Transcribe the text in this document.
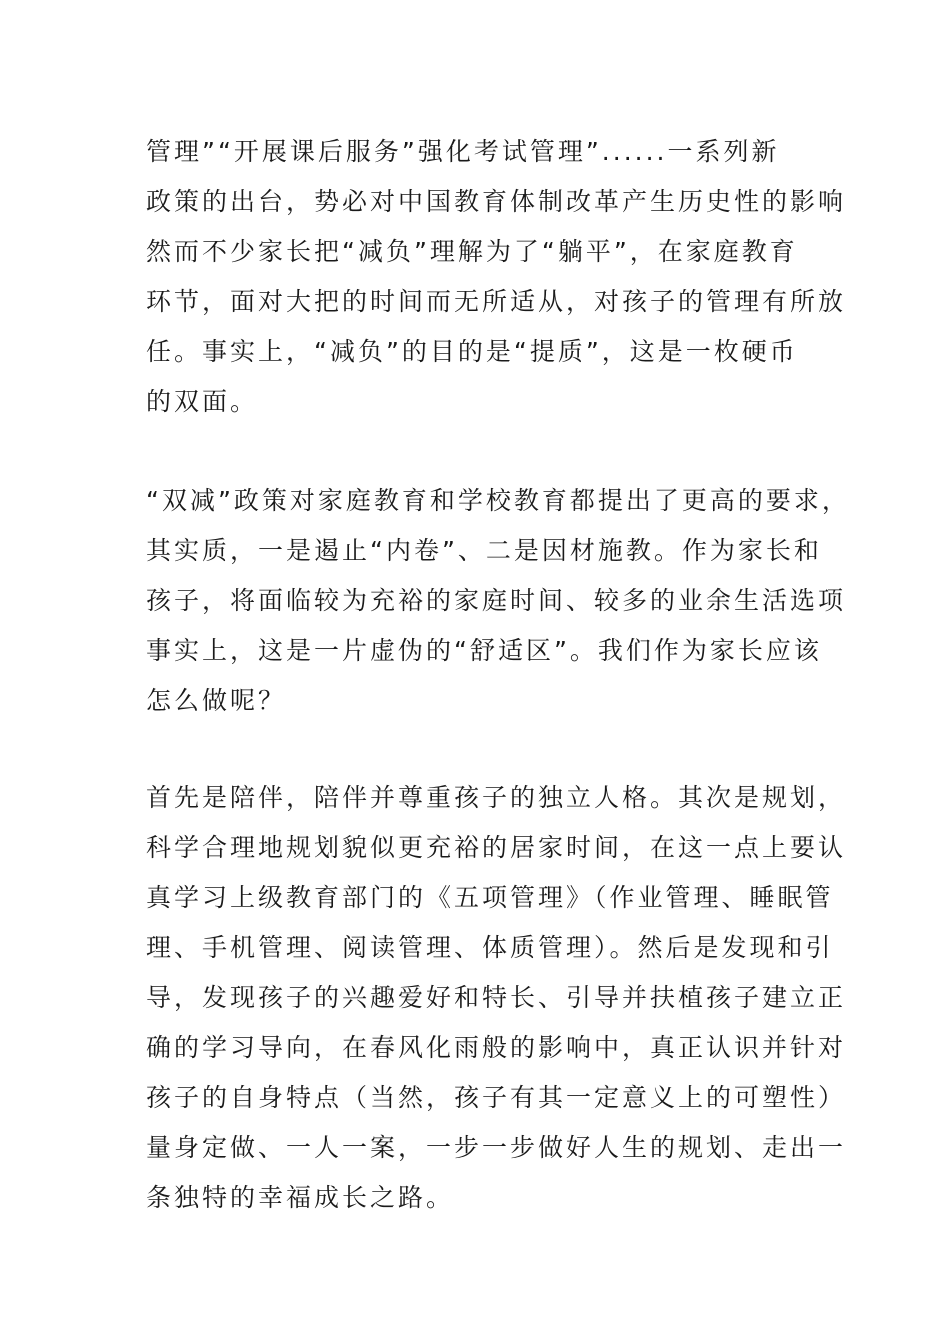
管理”“开展课后服务”强化考试管理”......一系列新
政策的出台，势必对中国教育体制改革产生历史性的影响
然而不少家长把“减负”理解为了“躺平”，在家庭教育
环节，面对大把的时间而无所适从，对孩子的管理有所放
任。事实上，“减负”的目的是“提质”，这是一枚硬币
的双面。

“双减”政策对家庭教育和学校教育都提出了更高的要求，
其实质，一是遏止“内卷”、二是因材施教。作为家长和
孩子，将面临较为充裕的家庭时间、较多的业余生活选项
事实上，这是一片虚伪的“舒适区”。我们作为家长应该
怎么做呢？

首先是陪伴，陪伴并尊重孩子的独立人格。其次是规划，
科学合理地规划貌似更充裕的居家时间，在这一点上要认
真学习上级教育部门的《五项管理》（作业管理、睡眠管
理、手机管理、阅读管理、体质管理）。然后是发现和引
导，发现孩子的兴趣爱好和特长、引导并扶植孩子建立正
确的学习导向，在春风化雨般的影响中，真正认识并针对
孩子的自身特点（当然，孩子有其一定意义上的可塑性）
量身定做、一人一案，一步一步做好人生的规划、走出一
条独特的幸福成长之路。
